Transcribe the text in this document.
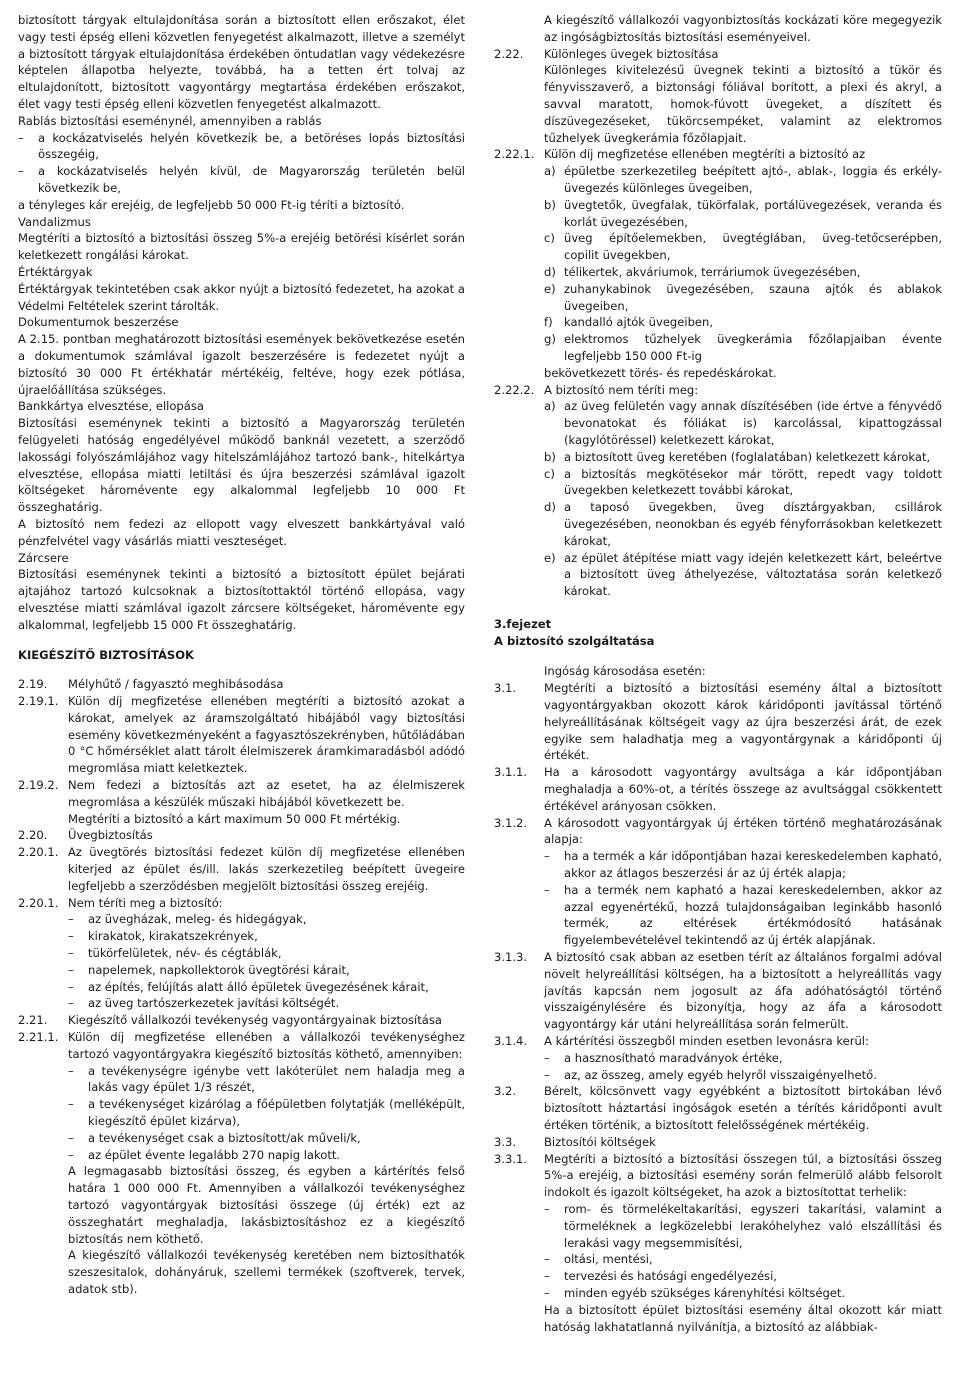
biztosított tárgyak eltulajdonítása során a biztosított ellen erőszakot, élet vagy testi épség elleni közvetlen fenyegetést alkalmazott, illetve a személyt a biztosított tárgyak eltulajdonítása érdekében öntudatlan vagy védekezésre képtelen állapotba helyezte, továbbá, ha a tetten ért tolvaj az eltulajdonított, biztosított vagyontárgy megtartása érdekében erőszakot, élet vagy testi épség elleni közvetlen fenyegetést alkalmazott.

Rablás biztosítási eseménynél, amennyiben a rablás

–	a kockázatviselés helyén következik be, a betöréses lopás biztosítási összegéig,
–	a kockázatviselés helyén kívül, de Magyarország területén belül következik be,

a tényleges kár erejéig, de legfeljebb 50 000 Ft-ig téríti a biztosító.

Vandalizmus

Megtéríti a biztosító a biztosítási összeg 5%-a erejéig betörési kísérlet során keletkezett rongálási károkat.

Értéktárgyak

Értéktárgyak tekintetében csak akkor nyújt a biztosító fedezetet, ha azokat a Védelmi Feltételek szerint tárolták.

Dokumentumok beszerzése

A 2.15. pontban meghatározott biztosítási események bekövetkezése esetén a dokumentumok számlával igazolt beszerzésére is fedezetet nyújt a biztosító 30 000 Ft értékhatár mértékéig, feltéve, hogy ezek pótlása, újraelőállítása szükséges.

Bankkártya elvesztése, ellopása

Biztosítási eseménynek tekinti a biztosító a Magyarország területén felügyeleti hatóság engedélyével működő banknál vezetett, a szerződő lakossági folyószámlájához vagy hitelszámlájához tartozó bank-, hitelkártya elvesztése, ellopása miatti letiltási és újra beszerzési számlával igazolt költségeket háromévente egy alkalommal legfeljebb 10 000 Ft összeghatárig.

A biztosító nem fedezi az ellopott vagy elveszett bankkártyával való pénzfelvétel vagy vásárlás miatti veszteséget.

Zárcsere

Biztosítási eseménynek tekinti a biztosító a biztosított épület bejárati ajtajához tartozó kulcsoknak a biztosítottaktól történő ellopása, vagy elvesztése miatti számlával igazolt zárcsere költségeket, háromévente egy alkalommal, legfeljebb 15 000 Ft összeghatárig.

KIEGÉSZÍTŐ BIZTOSÍTÁSOK
2.19.	Mélyhűtő / fagyasztó meghibásodása
2.19.1. Külön díj megfizetése ellenében megtéríti a biztosító azokat a károkat, amelyek az áramszolgáltató hibájából vagy biztosítási esemény következményeként a fagyasztószekrényben, hűtőládában 0 °C hőmérséklet alatt tárolt élelmiszerek áramkimaradásból adódó megromlása miatt keletkeztek.
2.19.2. Nem fedezi a biztosítás azt az esetet, ha az élelmiszerek megromlása a készülék műszaki hibájából következett be.

Megtéríti a biztosító a kárt maximum 50 000 Ft mértékig.

2.20.	Üvegbiztosítás
2.20.1. Az üvegtörés biztosítási fedezet külön díj megfizetése ellenében kiterjed az épület és/ill. lakás szerkezetileg beépített üvegeire legfeljebb a szerződésben megjelölt biztosítási összeg erejéig.
2.20.1. Nem téríti meg a biztosító:
–	az üvegházak, meleg- és hidegágyak,
–	kirakatok, kirakatszekrények,
–	tükörfelületek, név- és cégtáblák,
–	napelemek, napkollektorok üvegtörési kárait,
–	az építés, felújítás alatt álló épületek üvegezésének kárait,
–	az üveg tartószerkezetek javítási költségét.
2.21.	Kiegészítő vállalkozói tevékenység vagyontárgyainak biztosítása
2.21.1. Külön díj megfizetése ellenében a vállalkozói tevékenységhez tartozó vagyontárgyakra kiegészítő biztosítás köthető, amennyiben:
–	a tevékenységre igénybe vett lakóterület nem haladja meg a lakás vagy épület 1/3 részét,
–	a tevékenységet kizárólag a főépületben folytatják (melléképült, kiegészítő épület kizárva),
–	a tevékenységet csak a biztosított/ak műveli/k,
–	az épület évente legalább 270 napig lakott.

A legmagasabb biztosítási összeg, és egyben a kártérítés felső határa 1 000 000 Ft. Amennyiben a vállalkozói tevékenységhez tartozó vagyontárgyak biztosítási összege (új érték) ezt az összeghatárt meghaladja, lakásbiztosításhoz ez a kiegészítő biztosítás nem köthető.

A kiegészítő vállalkozói tevékenység keretében nem biztosíthatók szeszesitalok, dohányáruk, szellemi termékek (szoftverek, tervek, adatok stb).

A kiegészítő vállalkozói vagyonbiztosítás kockázati köre megegyezik az ingóságbiztosítás biztosítási eseményeivel.

2.22.	Különleges üvegek biztosítása

Különleges kivitelezésű üvegnek tekinti a biztosító a tükör és fényvisszaverő, a biztonsági fóliával borított, a plexi és akryl, a savval maratott, homok-fúvott üvegeket, a díszített és díszüvegezéseket, tükörcsempéket, valamint az elektromos tűzhelyek üvegkerámia főzőlapjait.

2.22.1. Külön díj megfizetése ellenében megtéríti a biztosító az
a) épületbe szerkezetileg beépített ajtó-, ablak-, loggia és erkély-üvegezés különleges üvegeiben,
b) üvegtetők, üvegfalak, tükörfalak, portálüvegezések, veranda és korlát üvegezésében,
c) üveg építőelemekben, üvegtéglában, üveg-tetőcserépben, copilit üvegekben,
d) télikertek, akváriumok, terráriumok üvegezésében,
e) zuhanykabinok üvegezésében, szauna ajtók és ablakok üvegeiben,
f) kandalló ajtók üvegeiben,
g) elektromos tűzhelyek üvegkerámia főzőlapjaiban évente legfeljebb 150 000 Ft-ig

bekövetkezett törés- és repedéskárokat.

2.22.2. A biztosító nem téríti meg:
a) az üveg felületén vagy annak díszítésében (ide értve a fényvédő bevonatokat és fóliákat is) karcolással, kipattogzással (kagylótöréssel) keletkezett károkat,
b) a biztosított üveg keretében (foglalatában) keletkezett károkat,
c) a biztosítás megkötésekor már törött, repedt vagy toldott üvegekben keletkezett további károkat,
d) a taposó üvegekben, üveg dísztárgyakban, csillárok üvegezésében, neonokban és egyéb fényforrásokban keletkezett károkat,
e) az épület átépítése miatt vagy idején keletkezett kárt, beleértve a biztosított üveg áthelyezése, változtatása során keletkező károkat.
3.fejezet
A biztosító szolgáltatása

Ingóság károsodása esetén:

3.1.	Megtéríti a biztosító a biztosítási esemény által a biztosított vagyontárgyakban okozott károk káridőponti javítással történő helyreállításának költségeit vagy az újra beszerzési árát, de ezek egyike sem haladhatja meg a vagyontárgynak a káridőponti új értékét.
3.1.1.	Ha a károsodott vagyontárgy avultsága a kár időpontjában meghaladja a 60%-ot, a térítés összege az avultsággal csökkentett értékével arányosan csökken.
3.1.2.	A károsodott vagyontárgyak új értéken történő meghatározásának alapja:
–	ha a termék a kár időpontjában hazai kereskedelemben kapható, akkor az átlagos beszerzési ár az új érték alapja;
–	ha a termék nem kapható a hazai kereskedelemben, akkor az azzal egyenértékű, hozzá tulajdonságaiban leginkább hasonló termék, az eltérések értékmódosító hatásának figyelembevételével tekintendő az új érték alapjának.
3.1.3.	A biztosító csak abban az esetben térít az általános forgalmi adóval növelt helyreállítási költségen, ha a biztosított a helyreállítás vagy javítás kapcsán nem jogosult az áfa adóhatóságtól történő visszaigénylésére és bizonyítja, hogy az áfa a károsodott vagyontárgy kár utáni helyreállítása során felmerült.
3.1.4.	A kártérítési összegből minden esetben levonásra kerül:
–	a hasznosítható maradványok értéke,
–	az, az összeg, amely egyéb helyről visszaigényelhető.
3.2.	Bérelt, kölcsönvett vagy egyébként a biztosított birtokában lévő biztosított háztartási ingóságok esetén a térítés káridőponti avult értéken történik, a biztosított felelősségének mértékéig.
3.3.	Biztosítói költségek
3.3.1.	Megtéríti a biztosító a biztosítási összegen túl, a biztosítási összeg 5%-a erejéig, a biztosítási esemény során felmerülő alább felsorolt indokolt és igazolt költségeket, ha azok a biztosítottat terhelik:
–	rom- és törmelékeltakarítási, egyszeri takarítási, valamint a törmeléknek a legközelebbi lerakóhelyhez való elszállítási és lerakási vagy megsemmisítési,
–	oltási, mentési,
–	tervezési és hatósági engedélyezési,
–	minden egyéb szükséges kárenyhítési költséget.

Ha a biztosított épület biztosítási esemény által okozott kár miatt hatóság lakhatatlanná nyilvánítja, a biztosító az alábbiak-
